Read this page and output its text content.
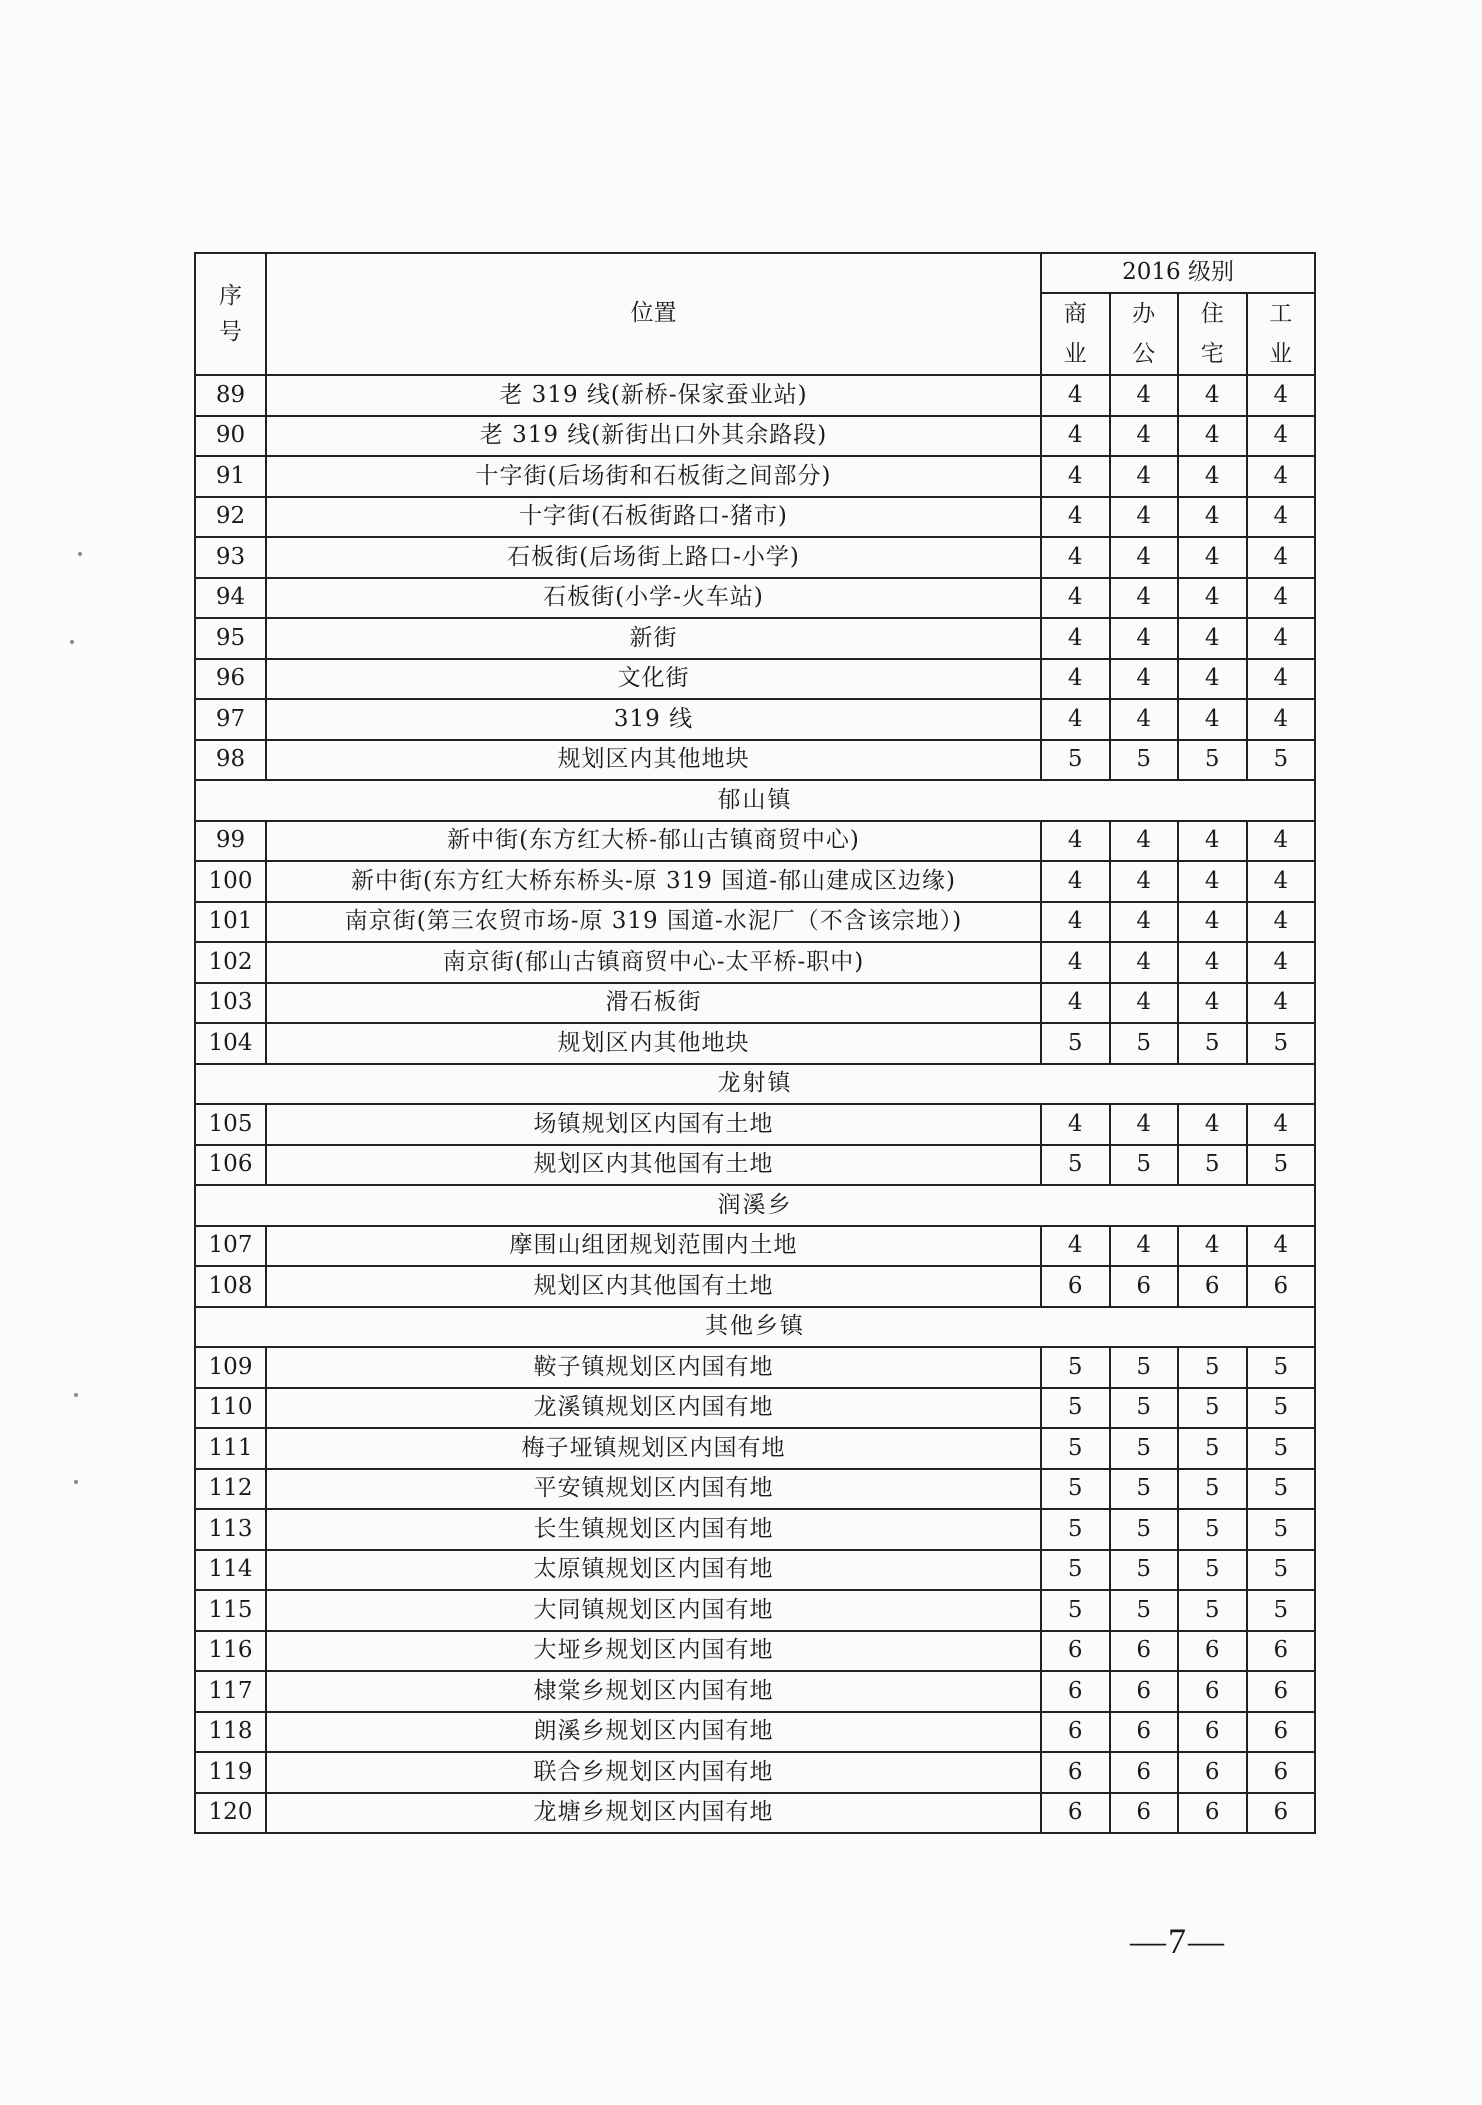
序号	位置	2016 级别			
		商业	办公	住宅	工业
89	老 319 线(新桥-保家蚕业站)	4	4	4	4
90	老 319 线(新街出口外其余路段)	4	4	4	4
91	十字街(后场街和石板街之间部分)	4	4	4	4
92	十字街(石板街路口-猪市)	4	4	4	4
93	石板街(后场街上路口-小学)	4	4	4	4
94	石板街(小学-火车站)	4	4	4	4
95	新街	4	4	4	4
96	文化街	4	4	4	4
97	319 线	4	4	4	4
98	规划区内其他地块	5	5	5	5
郁山镇					
99	新中街(东方红大桥-郁山古镇商贸中心)	4	4	4	4
100	新中街(东方红大桥东桥头-原 319 国道-郁山建成区边缘)	4	4	4	4
101	南京街(第三农贸市场-原 319 国道-水泥厂（不含该宗地）)	4	4	4	4
102	南京街(郁山古镇商贸中心-太平桥-职中)	4	4	4	4
103	滑石板街	4	4	4	4
104	规划区内其他地块	5	5	5	5
龙射镇					
105	场镇规划区内国有土地	4	4	4	4
106	规划区内其他国有土地	5	5	5	5
润溪乡					
107	摩围山组团规划范围内土地	4	4	4	4
108	规划区内其他国有土地	6	6	6	6
其他乡镇					
109	鞍子镇规划区内国有地	5	5	5	5
110	龙溪镇规划区内国有地	5	5	5	5
111	梅子垭镇规划区内国有地	5	5	5	5
112	平安镇规划区内国有地	5	5	5	5
113	长生镇规划区内国有地	5	5	5	5
114	太原镇规划区内国有地	5	5	5	5
115	大同镇规划区内国有地	5	5	5	5
116	大垭乡规划区内国有地	6	6	6	6
117	棣棠乡规划区内国有地	6	6	6	6
118	朗溪乡规划区内国有地	6	6	6	6
119	联合乡规划区内国有地	6	6	6	6
120	龙塘乡规划区内国有地	6	6	6	6
—7—
